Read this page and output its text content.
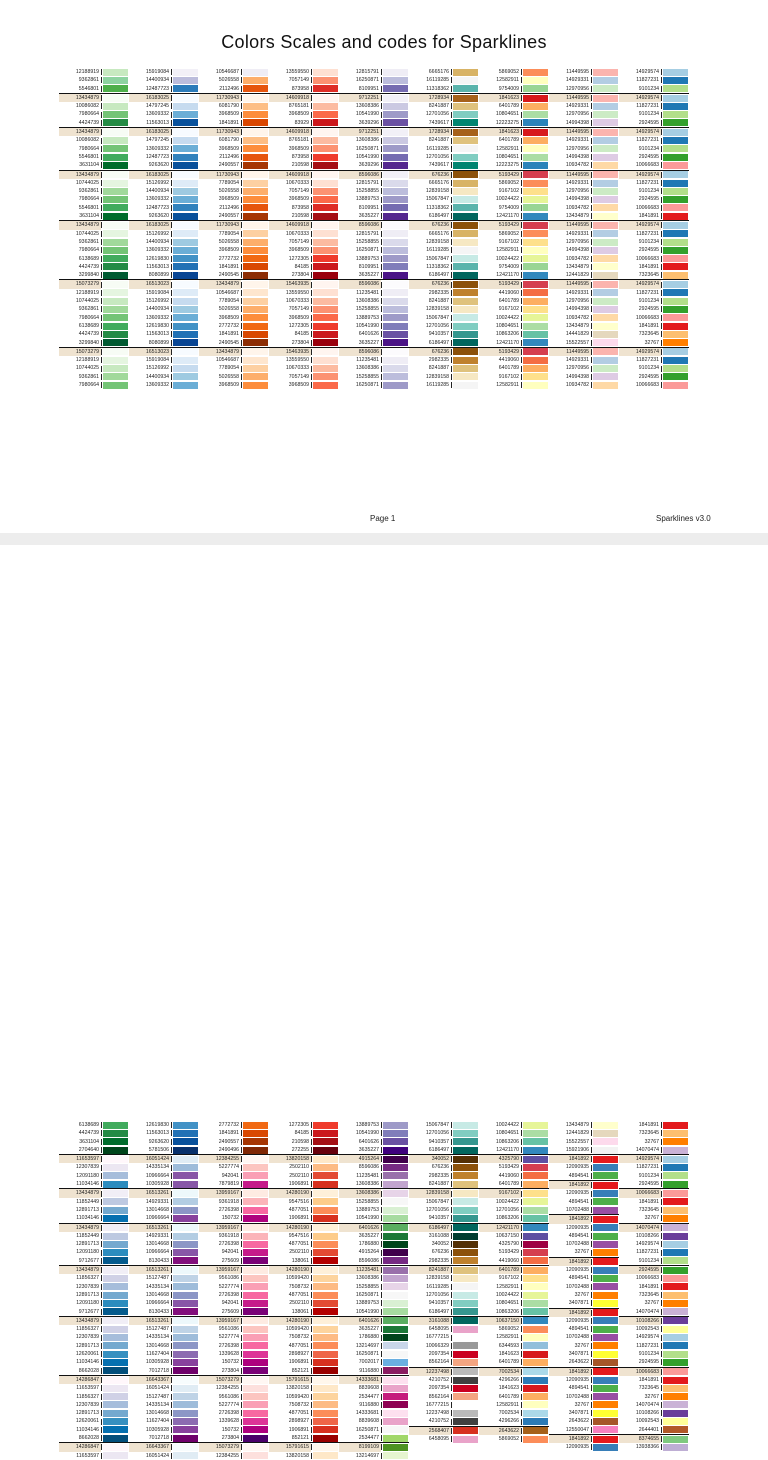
Colors Scales and codes for Sparklines
12188919
9362861
5546801
13434879
10086082
7980664
4424739
13434879
10086082
7980664
5546801
3631104
13434879
10744025
9362861
7980664
5546801
3631104
13434879
10744025
9362861
7980664
6138689
4424739
3299840
15073279
12188919
10744025
9362861
7980664
6138689
4424739
3299840
15073279
12188919
10744025
9362861
7980664
15919084
14400934
12487723
16183025
14797245
13609332
11563013
16183025
14797245
13609332
12487723
9263620
16183025
15126992
14400934
13609332
12487723
9263620
16183025
15126992
14400934
13609332
12619830
11563013
8080899
16513023
15919084
15126992
14400934
13609332
12619830
11563013
8080899
16513023
15919084
15126992
14400934
13609332
10546687
5026558
2112496
11730943
6081790
3968509
1841891
11730943
6081790
3968509
2112496
2490557
11730943
7789054
5026558
3968509
2112496
2490557
11730943
7789054
5026558
3968509
2772732
1841891
2490545
13434879
10546687
7789054
5026558
3968509
2772732
1841891
2490545
13434879
10546687
7789054
5026558
3968509
13559550
7057149
873958
14609918
8765181
3968509
83929
14609918
8765181
3968509
873958
210598
14609918
10670333
7057149
3968509
873958
210598
14609918
10670333
7057149
3968509
1272305
84185
273804
15463935
13559550
10670333
7057149
3968509
1272305
84185
273804
15463935
13559550
10670333
7057149
3968509
12815791
16250871
8109951
9712251
13608386
10541990
3639296
9712251
13608386
16250871
10541990
3639296
8596086
12815791
15258855
13889753
8109951
3635227
8596086
12815791
15258855
16250871
13889753
8109951
3635227
8596086
11235481
13608386
15258855
13889753
10541990
6401626
3635227
8596086
11235481
13608386
15258855
16250871
6665176
16119285
11318362
1728934
8241887
12701056
7439617
1728934
8241887
16119285
12701056
7439617
676236
6665176
12839158
15067847
11318362
6186497
676236
6665176
12839158
16119285
15067847
11318362
6186497
676236
2982335
8241887
12839158
15067847
12701056
9410357
6186497
676236
2982335
8241887
12839158
16119285
5869052
12582911
9754009
1841623
6401789
10804651
12223275
1841623
6401789
12582911
10804651
12223275
5193429
5869052
9167102
10024422
9754009
12421170
5193429
5869052
9167102
12582911
10024422
9754009
12421170
5193429
4419060
6401789
9167102
10024422
10804651
10863206
12421170
5193429
4419060
6401789
9167102
12582911
11449595
14929331
12970956
11449595
14929331
12970956
14994398
11449595
14929331
12970956
14994398
10934782
11449595
14929331
12970956
14994398
10934782
13434879
11449595
14929331
12970956
14994398
10934782
13434879
12441829
11449595
14929331
12970956
14994398
10934782
13434879
14441829
15522557
11449595
14929331
12970956
14994398
10934782
14929574
11827231
9101234
14929574
11827231
9101234
2924595
14929574
11827231
9101234
2924595
10066683
14929574
11827231
9101234
2924595
10066683
1841891
14929574
11827231
9101234
2924595
10066683
1841891
7323645
14929574
11827231
9101234
2924595
10066683
1841891
7323645
32767
14929574
11827231
9101234
2924595
10066683
Page 1	Sparklines v3.0
6138689
4424739
3631104
2704640
11653597
12307839
12091180
11034146
13434879
11852449
12891713
11034146
13434879
11852449
12891713
12091180
9712677
13434879
11856327
12307839
12891713
12091180
9712677
13434879
11856327
12307839
12891713
12620061
11034146
8662028
14286847
11653597
11856327
12307839
12891713
12620061
11034146
8662028
14286847
11653597
12619830
11563013
9263620
5781506
16051424
14335134
10966664
10305928
16513261
14929331
13014668
10966664
16513261
14929331
13014668
10966664
8130433
16513261
15127487
14335134
13014668
10966664
8130433
16513261
15127487
14335134
13014668
11627404
10305928
7012718
16643367
16051424
15127487
14335134
13014668
11627404
10305928
7012718
16643367
16051424
2772732
1841891
2490557
2490496
12384255
5227774
942041
7879819
13959167
9361918
2726398
150732
13959167
9361918
2726398
942041
275609
13959167
9561086
5227774
2726398
942041
275609
13959167
9561086
5227774
2726398
1339628
150732
273804
15073279
12384255
9561086
5227774
2726398
1339628
150732
273804
15073279
12384255
1272305
84185
210598
272255
13820158
2502110
2502110
1906891
14280190
9547516
4877051
1906891
14280190
9547516
4877051
2502110
138061
14280190
10599420
7508732
4877051
2502110
138061
14280190
10599420
7508732
4877051
2898927
1906891
852121
15791615
13820158
10599420
7508732
4877051
2898927
1906891
852121
15791615
13820158
13889753
10541990
6401626
3635227
4915264
8596086
11235481
13608386
13608386
15258855
13889753
10541990
6401626
3635227
1786880
4915264
8596086
11235481
13608386
15258855
16250871
13889753
10541990
6401626
3635227
1786880
13214697
16250871
7002017
9116880
14333681
8839608
2534477
9116880
14333681
8839608
16250871
2534477
8199109
13214697
15067847
12701056
9410357
6186497
340052
676236
2982335
8241887
12839158
15067847
12701056
9410357
6186497
3161088
340052
676236
2982335
8241887
12839158
16119285
12701056
9410357
6186497
3161088
6458095
16777215
10066329
2097354
8562164
12237498
4210752
2097354
8562164
16777215
12237498
4210752
2568407
6458095
10024422
10804651
10863206
12421170
4325790
5193429
4419060
6401789
9167102
10024422
12701056
10863206
12421170
10637150
4325790
5193429
4419060
6401789
9167102
12582911
10024422
10804651
10863206
10637150
5869052
12582911
6344593
1841623
6401789
7002534
4296266
1841623
6401789
12582911
7002534
4296266
2643622
5869052
13434879
12441829
15522557
15921906
1841892
12090935
4894541
1841892
12090935
4894541
10702488
1841892
12090935
4894541
10702488
32767
1841892
12090935
4894541
10702488
32767
3407871
1841892
12090935
4894541
10702488
32767
3407871
2643622
1841892
12090935
4894541
10702488
32767
3407871
2643622
12550047
1841892
12090935
1841891
7323645
32767
14070474
14929574
11827231
9101234
2924595
10066683
1841891
7323645
32767
14070474
10108266
14929574
11827231
9101234
2924595
10066683
1841891
7323645
32767
14070474
10108266
10092543
14929574
11827231
9101234
2924595
10066683
1841891
7323645
32767
14070474
10108266
10092543
2644401
8374655
13938366
